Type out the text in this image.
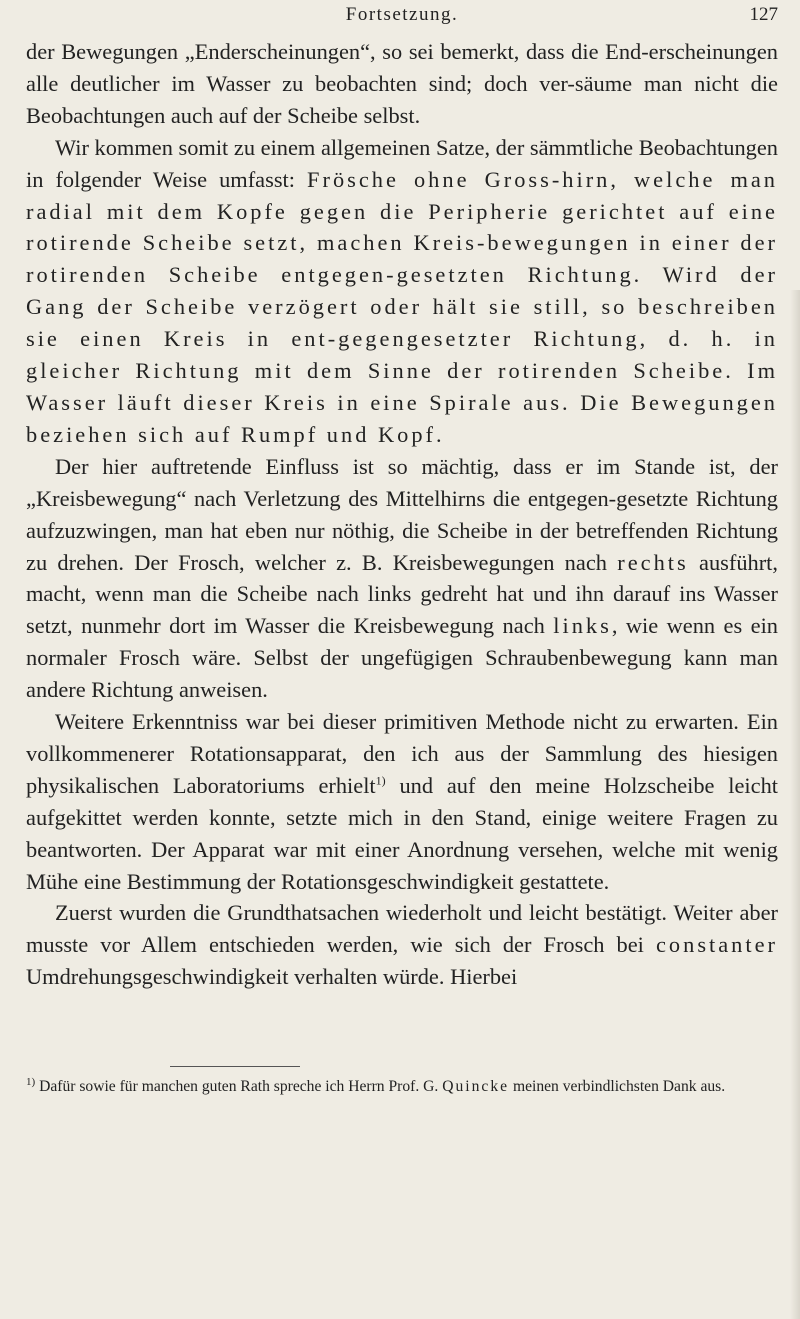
Fortsetzung.	127

der Bewegungen „Enderscheinungen“, so sei bemerkt, dass die End-erscheinungen alle deutlicher im Wasser zu beobachten sind; doch ver-säume man nicht die Beobachtungen auch auf der Scheibe selbst.

Wir kommen somit zu einem allgemeinen Satze, der sämmtliche Beobachtungen in folgender Weise umfasst: Frösche ohne Gross-hirn, welche man radial mit dem Kopfe gegen die Peripherie gerichtet auf eine rotirende Scheibe setzt, machen Kreis-bewegungen in einer der rotirenden Scheibe entgegen-gesetzten Richtung. Wird der Gang der Scheibe verzögert oder hält sie still, so beschreiben sie einen Kreis in ent-gegengesetzter Richtung, d. h. in gleicher Richtung mit dem Sinne der rotirenden Scheibe. Im Wasser läuft dieser Kreis in eine Spirale aus. Die Bewegungen beziehen sich auf Rumpf und Kopf.

Der hier auftretende Einfluss ist so mächtig, dass er im Stande ist, der „Kreisbewegung“ nach Verletzung des Mittelhirns die entgegen-gesetzte Richtung aufzuzwingen, man hat eben nur nöthig, die Scheibe in der betreffenden Richtung zu drehen. Der Frosch, welcher z. B. Kreisbewegungen nach rechts ausführt, macht, wenn man die Scheibe nach links gedreht hat und ihn darauf ins Wasser setzt, nunmehr dort im Wasser die Kreisbewegung nach links, wie wenn es ein normaler Frosch wäre. Selbst der ungefügigen Schraubenbewegung kann man andere Richtung anweisen.

Weitere Erkenntniss war bei dieser primitiven Methode nicht zu erwarten. Ein vollkommenerer Rotationsapparat, den ich aus der Sammlung des hiesigen physikalischen Laboratoriums erhielt$^{1)}$ und auf den meine Holzscheibe leicht aufgekittet werden konnte, setzte mich in den Stand, einige weitere Fragen zu beantworten. Der Apparat war mit einer Anordnung versehen, welche mit wenig Mühe eine Bestimmung der Rotationsgeschwindigkeit gestattete.

Zuerst wurden die Grundthatsachen wiederholt und leicht bestätigt. Weiter aber musste vor Allem entschieden werden, wie sich der Frosch bei constanter Umdrehungsgeschwindigkeit verhalten würde. Hierbei

$^{1)}$ Dafür sowie für manchen guten Rath spreche ich Herrn Prof. G. Quincke meinen verbindlichsten Dank aus.
